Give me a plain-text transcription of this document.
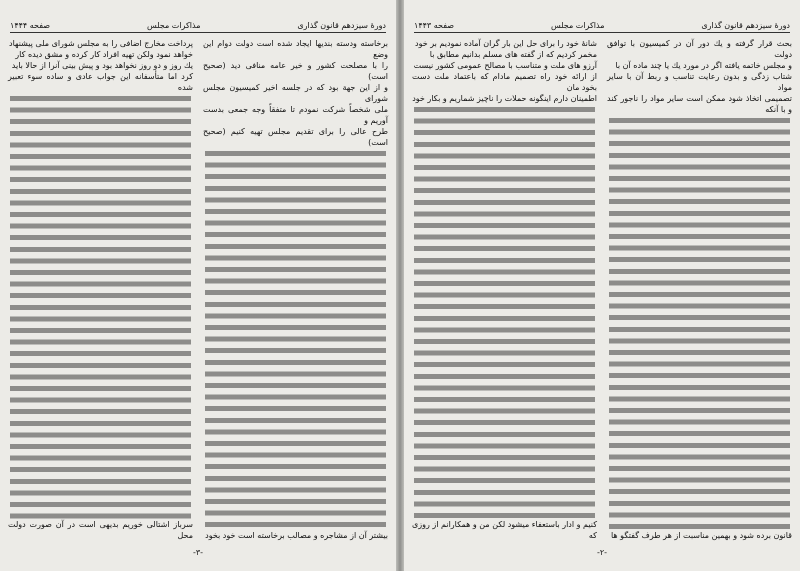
دورهٔ سیزدهم قانون گذاری
مذاکرات مجلس
صفحه ۱۴۴۴
برخاسته ودسته بندیها ایجاد شده است دولت دوام این وضع
را با مصلحت کشور و خیر عامه منافی دید (صحیح است)
و از این جهة بود که در جلسه اخیر کمیسیون مجلس شورای
ملی شخصاً شرکت نمودم تا متفقاً وجه جمعی بدست آوریم و
طرح عالی را برای تقدیم مجلس تهیه کنیم (صحیح است)
بیشتر آن از مشاجره و مصالب برخاسته است خود بخود
پرداخت مخارج اضافی را به مجلس شورای ملی پیشنهاد
خواهد نمود ولکن تهیه افراد کار کرده و مشق دیده کار
یك روز و دو روز نخواهد بود و پیش بینی آنرا از حالا باید
کرد اما متأسفانه این جواب عادی و ساده سوء تعبیر شده
سرباز اشتالی خوریم بدیهی است در آن صورت دولت محل
-۳-
دورهٔ سیزدهم قانون گذاری
مذاکرات مجلس
صفحه ۱۴۴۳
بحث قرار گرفته و یك دور آن در کمیسیون با توافق دولت
و مجلس خاتمه یافته اگر در مورد یك یا چند ماده آن با
شتاب زدگی و بدون رعایت تناسب و ربط آن با سایر مواد
تصمیمی اتخاذ شود ممکن است سایر مواد را ناجور کند و با آنکه
قانون برده شود و بهمین مناسبت از هر طرف گفتگو ها
شانهٔ خود را برای حل این بار گران آماده نمودیم بر خود
مخمر کردیم که از گفته های مسلم بدانیم مطابق با
آرزو های ملت و متناسب با مصالح عمومی کشور نیست
از ارائه خود راه تصمیم مادام که باعتماد ملت دست بخود مان
اطمینان دارم اینگونه حملات را ناچیز شماریم و بکار خود
کنیم و ادار باستعفاء میشود لکن من و همکارانم از روزی که
-۲-
